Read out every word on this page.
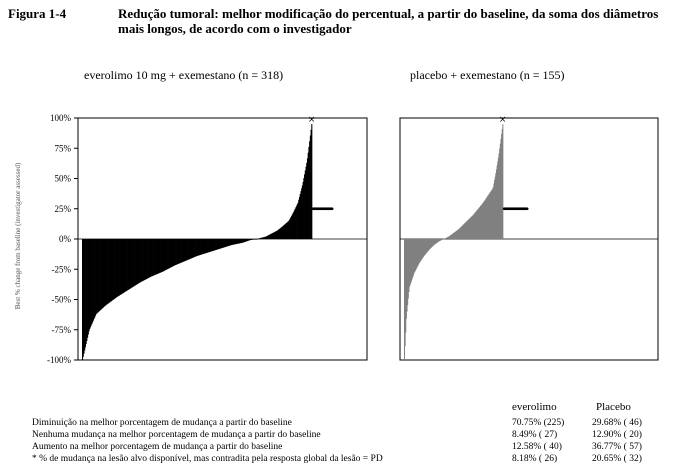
Figura 1-4	Redução tumoral: melhor modificação do percentual, a partir do baseline, da soma dos diâmetros mais longos, de acordo com o investigador
everolimo 10 mg + exemestano (n = 318)	placebo + exemestano (n = 155)
Best % change from baseline (investigator assessed)
100%
75%
50%
25%
0%
-25%
-50%
-75%
-100%
×	×
everolimo	Placebo
Diminuição na melhor porcentagem de mudança a partir do baseline	70.75% (225)	29.68% ( 46)
Nenhuma mudança na melhor porcentagem de mudança a partir do baseline	8.49% ( 27)	12.90% ( 20)
Aumento na melhor porcentagem de mudança a partir do baseline	12.58% ( 40)	36.77% ( 57)
* % de mudança na lesão alvo disponível, mas contradita pela resposta global da lesão = PD	8.18% ( 26)	20.65% ( 32)
